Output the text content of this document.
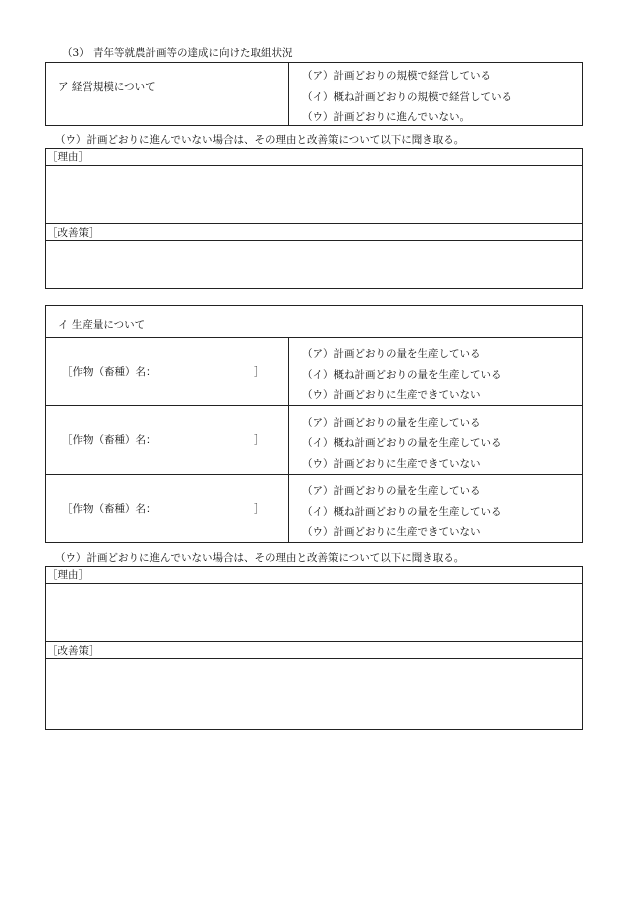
（3） 青年等就農計画等の達成に向けた取組状況
ア 経営規模について
（ア）計画どおりの規模で経営している
（イ）概ね計画どおりの規模で経営している
（ウ）計画どおりに進んでいない。
（ウ）計画どおりに進んでいない場合は、その理由と改善策について以下に聞き取る。
［理由］
［改善策］
イ 生産量について
［作物（畜種）名：	］
（ア）計画どおりの量を生産している
（イ）概ね計画どおりの量を生産している
（ウ）計画どおりに生産できていない
［作物（畜種）名：	］
（ア）計画どおりの量を生産している
（イ）概ね計画どおりの量を生産している
（ウ）計画どおりに生産できていない
［作物（畜種）名：	］
（ア）計画どおりの量を生産している
（イ）概ね計画どおりの量を生産している
（ウ）計画どおりに生産できていない
（ウ）計画どおりに進んでいない場合は、その理由と改善策について以下に聞き取る。
［理由］
［改善策］
